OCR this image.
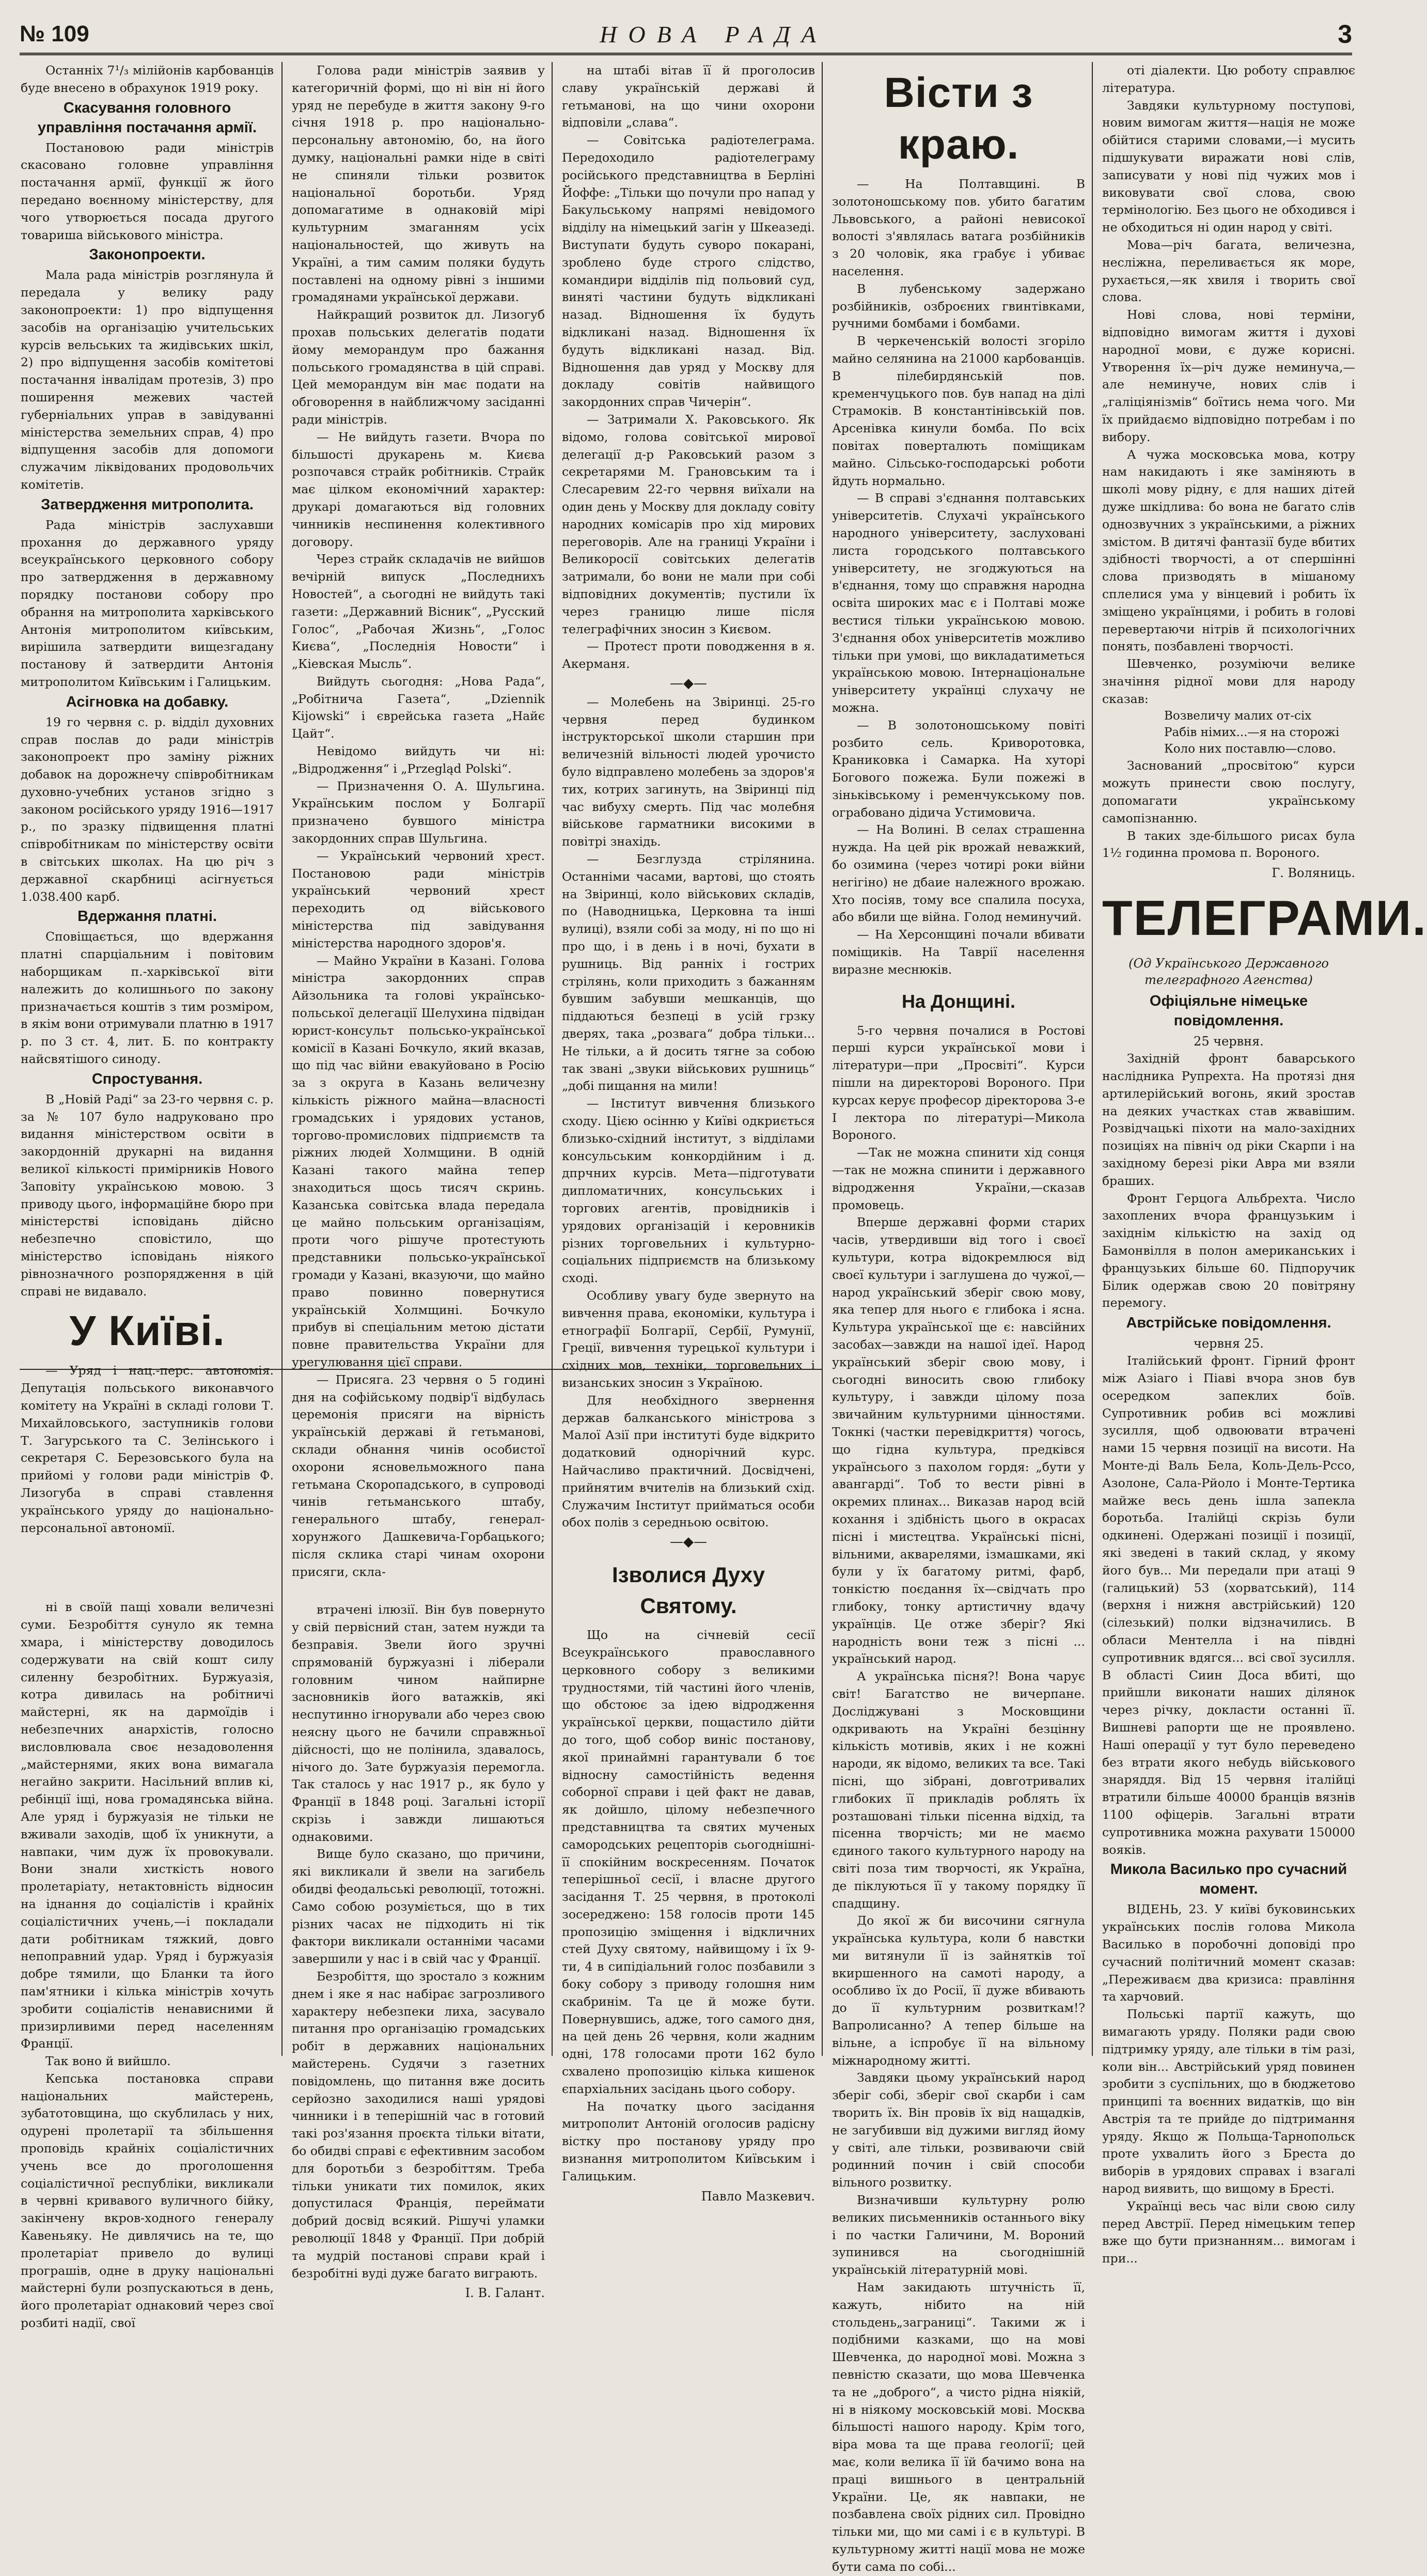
№ 109	НОВА РАДА	3

Останніх 7¹/₃ мілійонів карбованців буде внесено в обрахунок 1919 року.

Скасування головного управління постачання армії.

Постановою ради міністрів скасовано головне управління постачання армії, функції ж його передано воєнному міністерству, для чого утворюється посада другого товариша військового міністра.

Законопроекти.

Мала рада міністрів розглянула й передала у велику раду законопроекти: 1) про відпущення засобів на організацію учительських курсів вельських та жидівських шкіл, 2) про відпущення засобів комітетові постачання інвалідам протезів, 3) про поширення межевих частей губерніальних управ в завідуванні міністерства земельних справ, 4) про відпущення засобів для допомоги служачим ліквідованих продовольчих комітетів.

Затвердження митрополита.

Рада міністрів заслухавши прохання до державного уряду всеукраїнського церковного собору про затвердження в державному порядку постанови собору про обрання на митрополита харківського Антонія митрополитом київським, вирішила затвердити вищезгадану постанову й затвердити Антонія митрополитом Київським і Галицьким.

Асігновка на добавку.

19 го червня с. р. відділ духовних справ послав до ради міністрів законопроект про заміну ріжних добавок на дорожнечу співробітникам духовно-учебних установ згідно з законом російського уряду 1916—1917 р., по зразку підвищення платні співробітникам по міністерству освіти в світських школах. На цю річ з державної скарбниці асігнується 1.038.400 карб.

Вдержання платні.

Сповіщається, що вдержання платні спарціальним і повітовим наборщикам п.-харківської віти належить до колишнього по закону призначається коштів з тим розміром, в якім вони отримували платню в 1917 р. по 3 ст. 4, лит. Б. по контракту найсвятішого синоду.

Спростування.

В „Новій Раді“ за 23-го червня с. р. за № 107 було надруковано про видання міністерством освіти в закордонній друкарні на видання великої кількості примірників Нового Заповіту українською мовою. З приводу цього, інформаційне бюро при міністерстві ісповідань дійсно небезпечно сповістило, що міністерство ісповідань ніякого рівнозначного розпорядження в цій справі не видавало.

У Київі.

— Уряд і нац.-перс. автономія. Депутація польського виконавчого комітету на Україні в складі голови Т. Михайловського, заступників голови Т. Загурського та С. Зелінського і секретаря С. Березовського була на прийомі у голови ради міністрів Ф. Лизогуба в справі ставлення українського уряду до національно-персональної автономії.

ні в своїй пащі ховали величезні суми. Безробіття сунуло як темна хмара, і міністерству доводилось содержувати на свій кошт силу силенну безробітних. Буржуазія, котра дивилась на робітничі майстерні, як на дармоїдів і небезпечних анархістів, голосно висловлювала своє незадоволення „майстернями, яких вона вимагала негайно закрити. Насільний вплив кі, ребінції іщі, нова громадянська війна. Але уряд і буржуазія не тільки не вживали заходів, щоб їх уникнути, а навпаки, чим дуж їх провокували. Вони знали хисткість нового пролетаріату, нетактовність відносин на іднання до соціалістів і крайніх соціалістичних учень,—і покладали дати робітникам тяжкий, довго непоправний удар. Уряд і буржуазія добре тямили, що Бланки та його пам'ятники і кілька міністрів хочуть зробити соціалістів ненависними й призирливими перед населенням Франції.

Так воно й вийшло.

Кепська постановка справи національних майстерень, зубатотовщина, що скублилась у них, одурені пролетарії та збільшення проповідь крайніх соціалістичних учень все до проголошення соціалістичної республіки, викликали в червні кривавого вуличного бійку, закінчену вкров-ходного генералу Кавеньяку. Не дивлячись на те, що пролетаріат привело до вулиці програшів, одне в друку національні майстерні були розпускаються в день, його пролетаріат однаковий через свої розбиті надії, свої

Голова ради міністрів заявив у категоричній формі, що ні він ні його уряд не перебуде в життя закону 9-го січня 1918 р. про національно-персональну автономію, бо, на його думку, національні рамки ніде в світі не спиняли тільки розвиток національної боротьби. Уряд допомагатиме в однаковій мірі культурним змаганням усіх національностей, що живуть на Україні, а тим самим поляки будуть поставлені на одному рівні з іншими громадянами української держави.

Найкращий розвиток дл. Лизогуб прохав польських делегатів подати йому меморандум про бажання польського громадянства в цій справі. Цей меморандум він має подати на обговорення в найближчому засіданні ради міністрів.

— Не вийдуть газети. Вчора по більшості друкарень м. Києва розпочався страйк робітників. Страйк має цілком економічний характер: друкарі домагаються від головних чинників неспинення колективного договору.

Через страйк складачів не вийшов вечірній випуск „Последнихъ Новостей“, а сьогодні не вийдуть такі газети: „Державний Вісник“, „Русский Голос“, „Рабочая Жизнь“, „Голос Києва“, „Последнія Новости“ і „Кіевская Мысль“.

Вийдуть сьогодня: „Нова Рада“, „Робітнича Газета“, „Dziennik Kijowski“ і єврейська газета „Найє Цайт“.

Невідомо вийдуть чи ні: „Відродження“ і „Przegląd Polski“.

— Призначення О. А. Шульгина. Українським послом у Болгарії призначено бувшого міністра закордонних справ Шульгина.

— Український червоний хрест. Постановою ради міністрів український червоний хрест переходить од військового міністерства під завідування міністерства народного здоров'я.

— Майно України в Казані. Голова міністра закордонних справ Айзольника та голові українсько-польської делегації Шелухина підвідан юрист-консульт польсько-української комісії в Казані Бочкуло, який вказав, що під час війни евакуйовано в Росію за з округа в Казань величезну кількість ріжного майна—власності громадських і урядових установ, торгово-промислових підприємств та ріжних людей Холмщини. В одній Казані такого майна тепер знаходиться щось тисяч скринь. Казанська совітська влада передала це майно польським організаціям, проти чого рішуче протестують представники польсько-української громади у Казані, вказуючи, що майно право повинно повернутися українській Холмщині. Бочкуло прибув ві спеціальним метою дістати повне правительства України для урегулювання цієї справи.

— Присяга. 23 червня о 5 годині дня на софійському подвір'ї відбулась церемонія присяги на вірність українській державі й гетьманові, склади обнання чинів особистої охорони ясновельможного пана гетьмана Скоропадського, в супроводі чинів гетьманського штабу, генерального штабу, генерал-хорунжого Дашкевича-Горбацького; після склика старі чинам охорони присяги, скла-

втрачені ілюзії. Він був повернуто у свій первісний стан, затем нужди та безправія. Звели його зручні спрямованій буржуазні і ліберали головним чином найпирне засновників його ватажків, які неспутинно ігнорували або через свою неясну цього не бачили справжньої дійсності, що не полінила, здавалось, нічого до. Зате буржуазія перемогла. Так сталось у нас 1917 р., як було у Франції в 1848 році. Загальні історії скрізь і завжди лишаються однаковими.

Вище було сказано, що причини, які викликали й звели на загибель обидві феодальські революції, тотожні. Само собою розуміється, що в тих різних часах не підходить ні тік фактори викликали останніми часами завершили у нас і в свій час у Франції.

Безробіття, що зростало з кожним днем і яке я нас набірає загрозливого характеру небезпеки лиха, засувало питання про організацію громадських робіт в державних національних майстерень. Судячи з газетних повідомлень, що питання вже досить серйозно заходилися наші урядові чинники і в теперішній час в готовий такі роз'язання проєкта тільки вітати, бо обидві справі є ефективним засобом для боротьби з безробіттям. Треба тільки уникати тих помилок, яких допустилася Франція, переймати добрий досвід всякий. Рішучі уламки революції 1848 у Франції. При добрій та мудрій постанові справи край і безробітні вуді дуже багато виграють.

І. В. Галант.

на штабі вітав її й проголосив славу українській державі й гетьманові, на що чини охорони відповіли „слава“.

— Совітська радіотелеграма. Передоходило радіотелеграму російського представництва в Берліні Йоффе: „Тільки що почули про напад у Бакульському напрямі невідомого відділу на німецький загін у Шкеазеді. Виступати будуть суворо покарані, зроблено буде строго слідство, командири відділів під польовий суд, виняті частини будуть відкликані назад. Відношення їх будуть відкликані назад. Відношення їх будуть відкликані назад. Від. Відношення дав уряд у Москву для докладу совітів найвищого закордонних справ Чичерін“.

— Затримали Х. Раковського. Як відомо, голова совітської мирової делегації д-р Раковський разом з секретарями М. Грановським та і Слесаревим 22-го червня виїхали на один день у Москву для докладу совіту народних комісарів про хід мирових переговорів. Але на границі України і Великоросії совітських делегатів затримали, бо вони не мали при собі відповідних документів; пустили їх через границю лише після телеграфічних зносин з Києвом.

— Протест проти поводження в я. Акерманя.

—◆—

— Молебень на Звіринці. 25-го червня перед будинком інструкторської школи старшин при величезній вільності людей урочисто було відправлено молебень за здоров'я тих, котрих загинуть, на Звіринці під час вибуху смерть. Під час молебня військове гарматники високими в повітрі знахідь.

— Безглузда стрілянина. Останніми часами, вартові, що стоять на Звіринці, коло військових складів, по (Наводницька, Церковна та інші вулиці), взяли собі за моду, ні по що ні про що, і в день і в ночі, бухати в рушниць. Від ранніх і гострих стрілянь, коли приходить з бажанням бувшим забувши мешканців, що піддаються безпеці в усій грзку дверях, така „розвага“ добра тільки... Не тільки, а й досить тягне за собою так звані „звуки військових рушниць“ „добі пищання на мили!

— Інститут вивчення близького сходу. Цією осінню у Київі одкриється близько-східний інститут, з відділами консульським конкордійним і д. дпрчних курсів. Мета—підготувати дипломатичних, консульських і торгових агентів, провідників і урядових організацій і керовників різних торговельних і культурно-соціальних підприємств на близькому сході.

Особливу увагу буде звернуто на вивчення права, економіки, культура і етнографії Болгарії, Сербії, Румунії, Греції, вивчення турецької культури і східних мов, техніки, торговельних і визанських зносин з Україною.

Для необхідного звернення держав балканського міністрова з Малої Азії при інституті буде відкрито додатковий однорічний курс. Найчасливо практичний. Досвідчені, прийнятим вчителів на близький схід. Служачим Інститут прийматься особи обох полів з середньою освітою.

—◆—
Ізволися Духу Святому.

Що на січневій сесії Всеукраїнського православного церковного собору з великими трудностями, тій частині його членів, що обстоює за ідею відродження української церкви, пощастило дійти до того, щоб собор виніс постанову, якої принаймні гарантували б тоє відносну самостійність ведення соборної справи і цей факт не давав, як дойшло, цілому небезпечного представництва та святих мученых самородських рецепторів сьогоднішні-її спокійним воскресенням. Початок теперішньої сесії, і власне другого засідання Т. 25 червня, в протоколі зосереджено: 158 голосів проти 145 пропозицію зміщення і відкличних стей Духу святому, найвищому і їх 9-ти, 4 в сипідіальний голос позбавили з боку собору з приводу голошня ним скабринім. Та це й може бути. Повернувшись, адже, того самого дня, на цей день 26 червня, коли жадним одні, 178 голосами проти 162 було схвалено пропозицію кілька кишенок єпархіальних засідань цього собору.

На початку цього засідання митрополит Антоній оголосив радісну вістку про постанову уряду про визнання митрополитом Київським і Галицьким.

Павло Мазкевич.
Вісти з краю.

— На Полтавщині. В золотоношському пов. убито багатим Львовського, а районі невисокої волості з'являлась ватага розбійників з 20 чоловік, яка грабує і убиває населення.

В лубенському задержано розбійників, озброєних гвинтівками, ручними бомбами і бомбами.

В черкеченській волості згоріло майно селянина на 21000 карбованців. В пілебирдянській пов. кременчуцького пов. був напад на ділі Страмоків. В константінівській пов. Арсенівка кинули бомба. По всіх повітах поверталють поміщикам майно. Сільсько-господарські роботи йдуть нормально.

— В справі з'єднання полтавських університетів. Слухачі українського народного університету, заслуховані листа городського полтавського університету, не згоджуються на в'єднання, тому що справжня народна освіта широких мас є і Полтаві може вестися тільки українською мовою. З'єднання обох університетів можливо тільки при умові, що викладатиметься українською мовою. Інтернаціональне університету українці слухачу не можна.

— В золотоношському повіті розбито сель. Криворотовка, Краниковка і Самарка. На хуторі Богового пожежа. Були пожежі в зіньківському і ременчукському пов. ограбовано дідича Устимовича.

— На Волині. В селах страшенна нужда. На цей рік врожай неважкий, бо озимина (через чотирі роки війни негігіно) не дбаие належного врожаю. Хто посіяв, тому все спалила посуха, або вбили ще війна. Голод неминучий.

— На Херсонщині почали вбивати поміщиків. На Таврії населення виразне меснюків.

На Донщині.

5-го червня почалися в Ростові перші курси української мови і літератури—при „Просвіті“. Курси пішли на директорові Вороного. При курсах керує професор діректорова 3-е I лектора по літературі—Микола Вороного.

—Так не можна спинити хід сонця—так не можна спинити і державного відродження України,—сказав промовець.

Вперше державні форми старих часів, утвердивши від того і своєї культури, котра відокремлюся від своєї культури і заглушена до чужої,—народ український зберіг свою мову, яка тепер для нього є глибока і ясна. Культура української ще є: навсійних засобах—завжди на нашої ідеї. Народ український зберіг свою мову, і сьогодні виносить свою глибоку культуру, і завжди цілому поза звичайним культурними цінностями. Токнкі (частки перевідкриття) чогось, що гідна культура, предківся українсього з пахолом гордя: „бути у авангарді“. Тоб то вести рівні в окремих плинах... Виказав народ всій кохання і здібність цього в окрасах пісні і мистецтва. Українські пісні, вільними, акварелями, ізмашками, які були у їх багатому ритмі, фарб, тонкістю поєдання їх—свідчать про глибоку, тонку артистичну вдачу українців. Це отже зберіг? Які народність вони теж з пісні ... український народ.

А українська пісня?! Вона чарує світ! Багатство не вичерпане. Досліджувані з Московщини одкривають на Україні безцінну кількість мотивів, яких і не кожні народи, як відомо, великих та все. Такі пісні, що зібрані, довготривалих глибоких її прикладів роблять їх розташовані тільки пісенна відхід, та пісенна творчість; ми не маємо єдиного такого культурного народу на світі поза тим творчості, як Україна, де піклуються її у такому порядку її спадщину.

До якої ж би височини сягнула українська культура, коли б навстки ми витянули її із зайнятків тої вкиршенного на самоті народу, а особливо їх до Росії, її дуже вбивають до її культурним розвиткам!? Вапролисанно? А тепер більше на вільне, а іспробує її на вільному міжнародному житті.

Завдяки цьому український народ зберіг собі, зберіг свої скарби і сам творить їх. Він провів їх від нащадків, не загубивши від дужими вигляд йому у світі, але тільки, розвиваючи свій родинний почин і свій способи вільного розвитку.

Визначивши культурну ролю великих письменників останнього віку і по частки Галичини, М. Вороний зупинився на сьогоднішній українській літературній мові.

Нам закидають штучність її, кажуть, нібито на ній стольдень„заграниці“. Такими ж і подібними казками, що на мові Шевченка, до народної мові. Можна з певністю сказати, що мова Шевченка та не „доброго“, а чисто рідна ніякій, ні в ніякому московській мові. Москва більшості нашого народу. Крім того, віра мова та ще права геології; цей має, коли велика її їй бачимо вона на праці вишнього в центральній України. Це, як навпаки, не позбавлена своїх рідних сил. Провідно тільки ми, що ми самі і є в культурі. В культурному житті нації мова не може бути сама по собі...

оті діалекти. Цю роботу справлює література.

Завдяки культурному поступові, новим вимогам життя—нація не може обійтися старими словами,—і мусить підшукувати виражати нові слів, записувати у нові під чужих мов і виковувати свої слова, свою термінологію. Без цього не обходився і не обходиться ні один народ у світі.

Мова—річ багата, величезна, несліжна, переливається як море, рухається,—як хвиля і творить свої слова.

Нові слова, нові терміни, відповідно вимогам життя і духові народної мови, є дуже корисні. Утворення їх—річ дуже неминуча,—але неминуче, нових слів і „галіціянізмів“ боїтись нема чого. Ми їх прийдаємо відповідно потребам і по вибору.

А чужа московська мова, котру нам накидають і яке заміняють в школі мову рідну, є для наших дітей дуже шкідлива: бо вона не багато слів однозвучних з українськими, а ріжних змістом. В дитячі фантазії буде вбитих здібності творчості, а от спершінні слова призводять в мішаному сплелися ума у вінцевий і робить їх зміщено українцями, і робить в голові перевертаючи нітрів й психологічних понять, позбавлені творчості.

Шевченко, розуміючи велике значіння рідної мови для народу сказав:

Возвеличу малих от-сіх
Рабів німих...—я на сторожі
Коло них поставлю—слово.

Заснований „просвітою“ курси можуть принести свою послугу, допомагати українському самопізнанню.

В таких зде-більшого рисах була 1½ годинна промова п. Вороного.

Г. Воляниць.
ТЕЛЕГРАМИ.
(Од Українського Державного телеграфного Агенства)
Офіціяльне німецьке повідомлення.
25 червня.

Західній фронт баварського наслідника Рупрехта. На протязі дня артилерійський вогонь, який зростав на деяких участках став жвавішим. Розвідчацькі піхоти на мало-західних позиціях на північ од ріки Скарпи і на західному березі ріки Авра ми взяли браших.

Фронт Герцога Альбрехта. Число захоплених вчора французьким і західнім кількістю на захід од Бамонвілля в полон американських і французьких більше 60. Підпоручик Білик одержав свою 20 повітряну перемогу.

Австрійське повідомлення.
червня 25.

Італійський фронт. Гірний фронт між Азіаго і Піаві вчора знов був осередком запеклих боїв. Супротивник робив всі можливі зусилля, щоб одвоювати втрачені нами 15 червня позиції на висоти. На Монте-ді Валь Бела, Коль-Дель-Рссо, Азолоне, Сала-Рйоло і Монте-Тертика майже весь день ішла запекла боротьба. Італійці скрізь були одкинені. Одержані позиції і позиції, які зведені в такий склад, у якому його був... Ми передали при атаці 9 (галицький) 53 (хорватський), 114 (верхня і нижня австрійський) 120 (сілезький) полки відзначились. В обласи Ментелла і на півдні супротивник вдягся... всі свої зусилля. В області Сиин Доса вбиті, що прийшли виконати наших ділянок через річку, докласти останні її. Вишневі рапорти ще не проявлено. Наші операції у тут було переведено без втрати якого небудь військового знаряддя. Від 15 червня італійці втратили більше 40000 бранців вязнів 1100 офіцерів. Загальні втрати супротивника можна рахувати 150000 вояків.

Микола Василько про сучасний момент.

ВІДЕНЬ, 23. У київі буковинських українських послів голова Микола Василько в поробочні доповіді про сучасний політичний момент сказав: „Переживаєм два кризиса: правління та харчовий.

Польські партії кажуть, що вимагають уряду. Поляки ради свою підтримку уряду, але тільки в тім разі, коли він... Австрійський уряд повинен зробити з суспільних, що в бюджетово принципі та воєнних видатків, що він Австрія та те прийде до підтримання уряду. Якщо ж Польща-Тарнопольск проте ухвалить його з Бреста до виборів в урядових справах і взагалі народ виявить, що вищому в Бресті.

Українці весь час віли свою силу перед Австрії. Перед німецьким тепер вже що бути признанням... вимогам і при...
